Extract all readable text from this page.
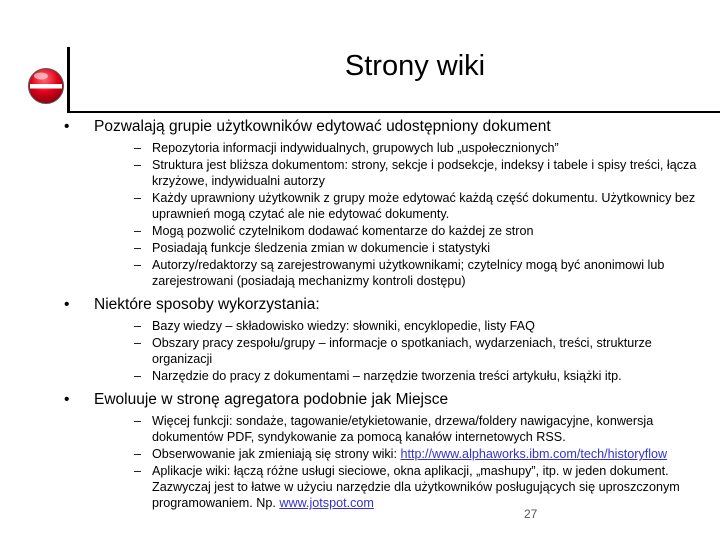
Strony wiki
• Pozwalają grupie użytkowników edytować udostępniony dokument
– Repozytoria informacji indywidualnych, grupowych lub „uspołecznionych”
– Struktura jest bliższa dokumentom: strony, sekcje i podsekcje, indeksy i tabele i spisy treści, łącza krzyżowe, indywidualni autorzy
– Każdy uprawniony użytkownik z grupy może edytować każdą część dokumentu. Użytkownicy bez uprawnień mogą czytać ale nie edytować dokumenty.
– Mogą pozwolić czytelnikom dodawać komentarze do każdej ze stron
– Posiadają funkcje śledzenia zmian w dokumencie i statystyki
– Autorzy/redaktorzy są zarejestrowanymi użytkownikami; czytelnicy mogą być anonimowi lub zarejestrowani (posiadają mechanizmy kontroli dostępu)
• Niektóre sposoby wykorzystania:
– Bazy wiedzy – składowisko wiedzy: słowniki, encyklopedie, listy FAQ
– Obszary pracy zespołu/grupy – informacje o spotkaniach, wydarzeniach, treści, strukturze organizacji
– Narzędzie do pracy z dokumentami – narzędzie tworzenia treści artykułu, książki itp.
• Ewoluuje w stronę agregatora podobnie jak Miejsce
– Więcej funkcji: sondaże, tagowanie/etykietowanie, drzewa/foldery nawigacyjne, konwersja dokumentów PDF, syndykowanie za pomocą kanałów internetowych RSS.
– Obserwowanie jak zmieniają się strony wiki: http://www.alphaworks.ibm.com/tech/historyflow
– Aplikacje wiki: łączą różne usługi sieciowe, okna aplikacji, „mashupy”, itp. w jeden dokument. Zazwyczaj jest to łatwe w użyciu narzędzie dla użytkowników posługujących się uproszczonym programowaniem. Np. www.jotspot.com
27
